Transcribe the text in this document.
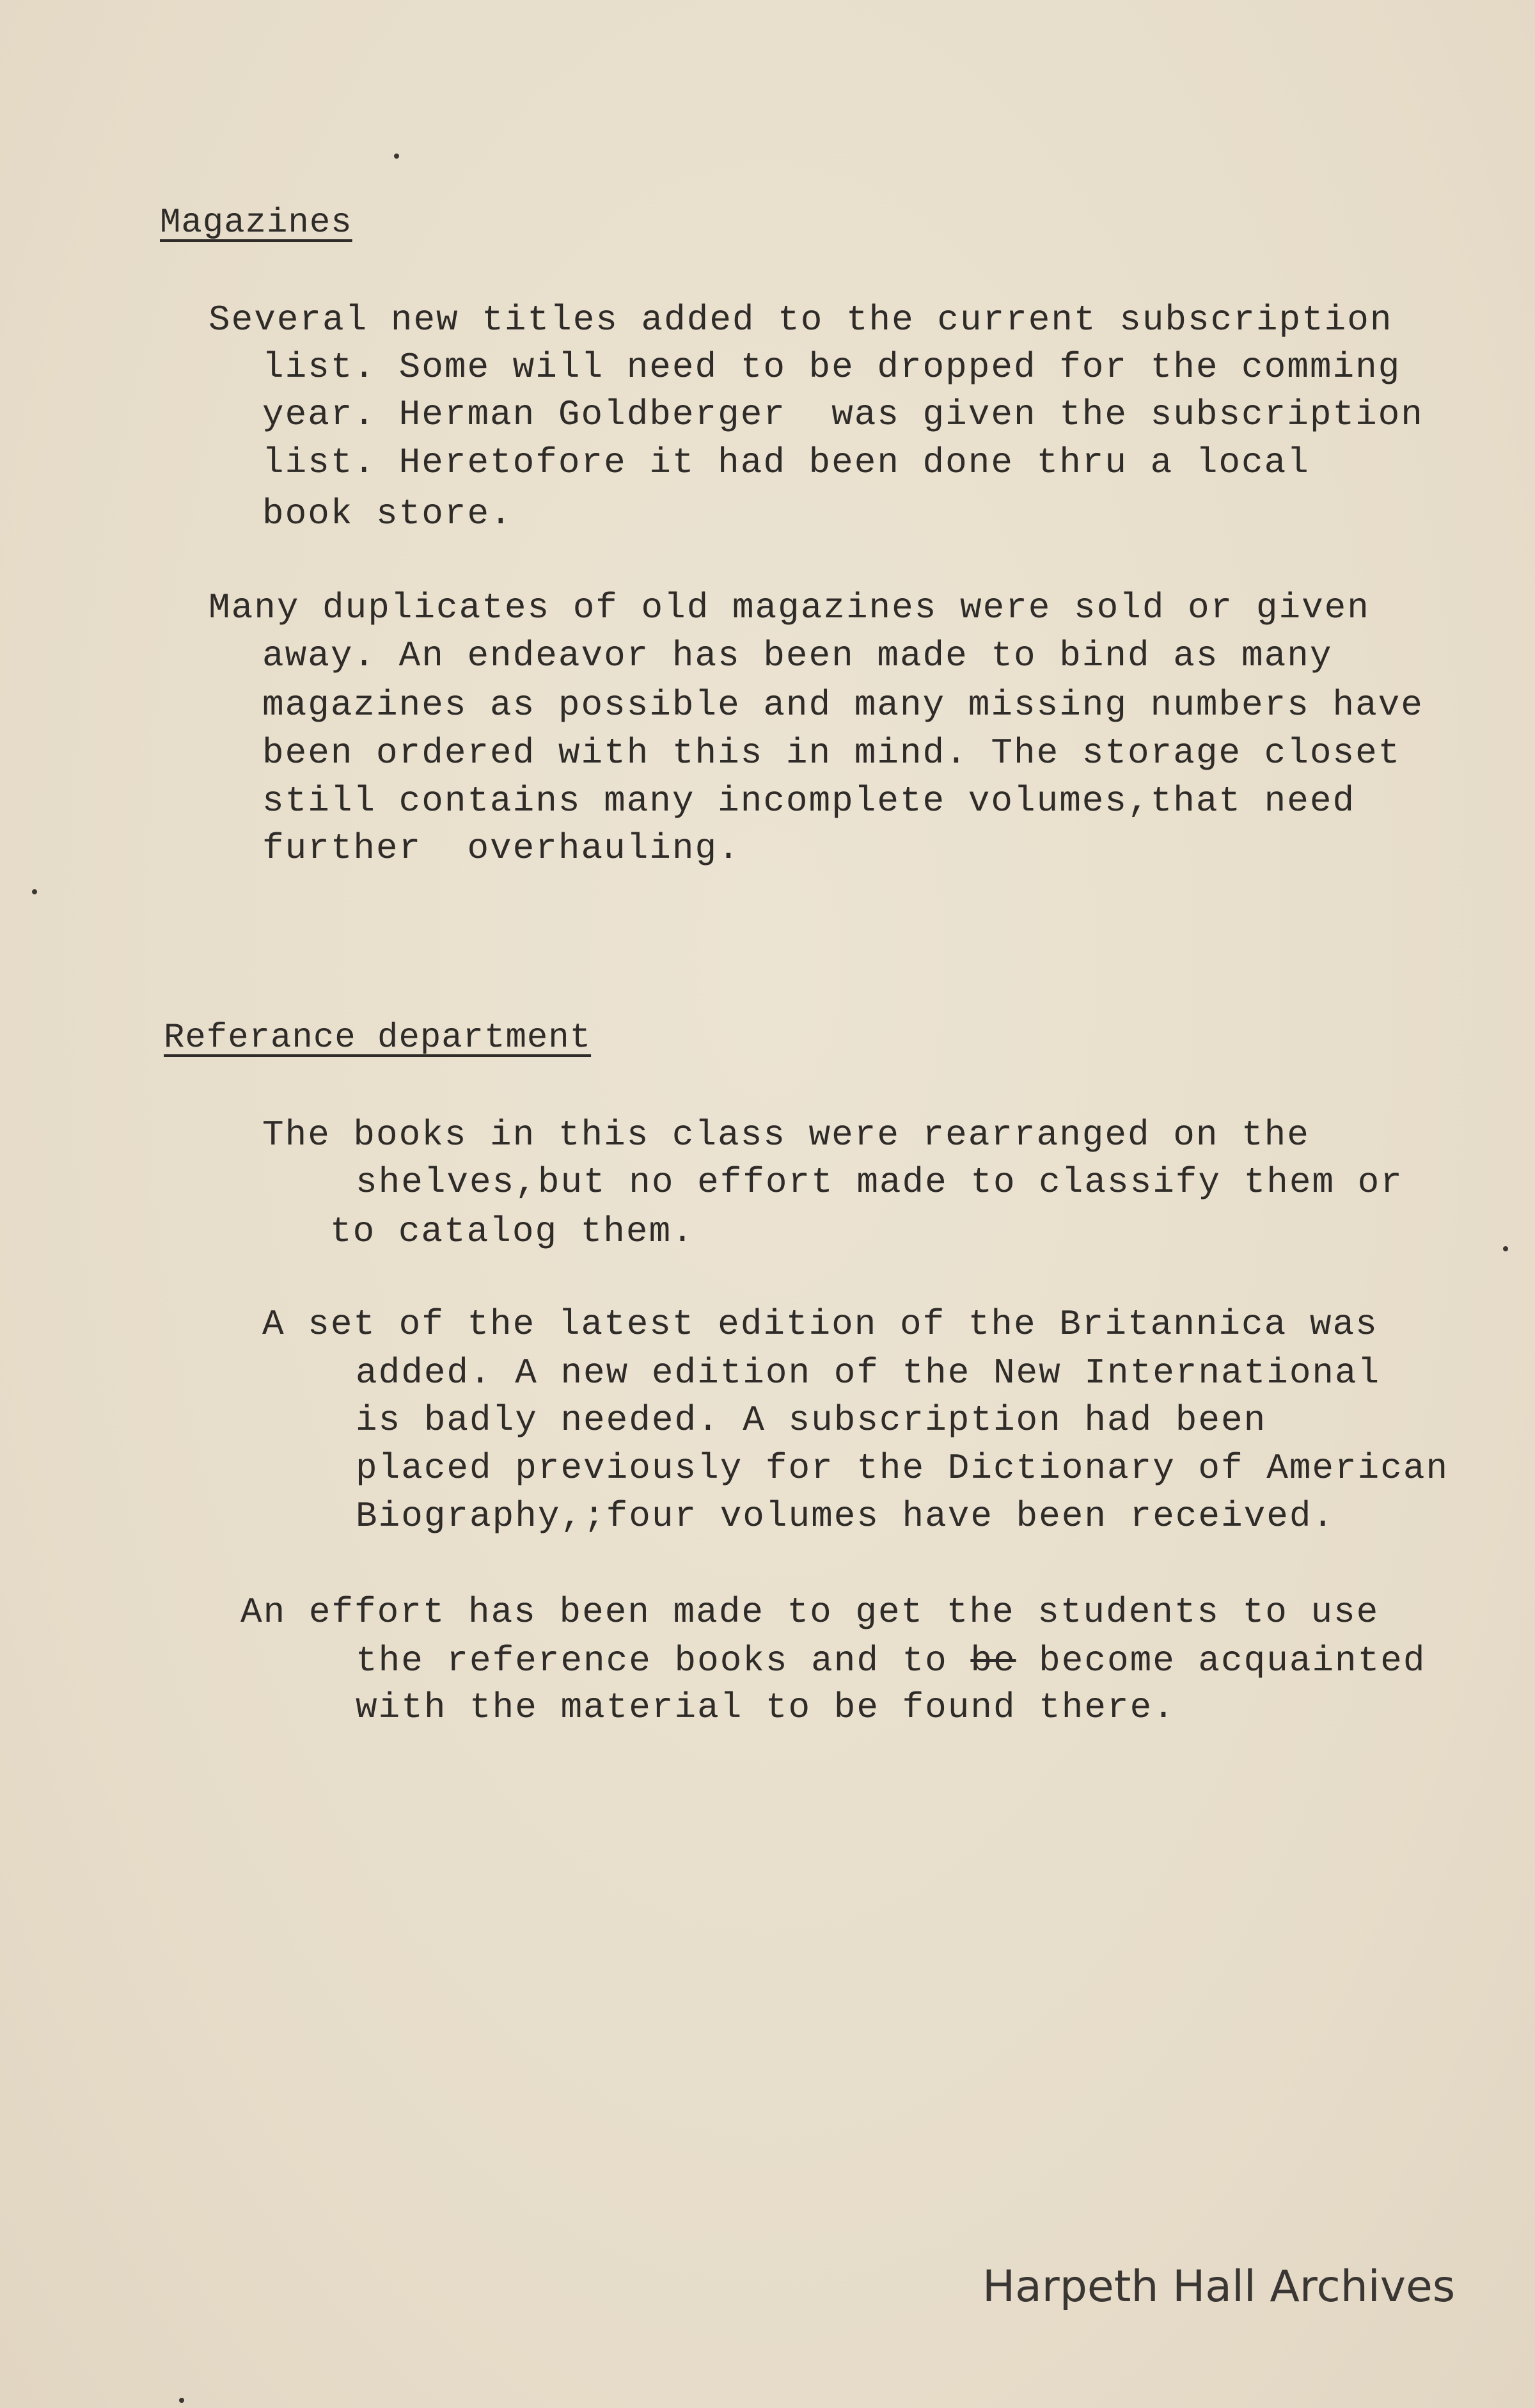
Magazines
Several new titles added to the current subscription
list. Some will need to be dropped for the comming
year. Herman Goldberger  was given the subscription
list. Heretofore it had been done thru a local
book store.
Many duplicates of old magazines were sold or given
away. An endeavor has been made to bind as many
magazines as possible and many missing numbers have
been ordered with this in mind. The storage closet
still contains many incomplete volumes,that need
further  overhauling.
Referance department
The books in this class were rearranged on the
shelves,but no effort made to classify them or
to catalog them.
A set of the latest edition of the Britannica was
added. A new edition of the New International
is badly needed. A subscription had been
placed previously for the Dictionary of American
Biography,;four volumes have been received.
An effort has been made to get the students to use
the reference books and to be become acquainted
with the material to be found there.
Harpeth Hall Archives
